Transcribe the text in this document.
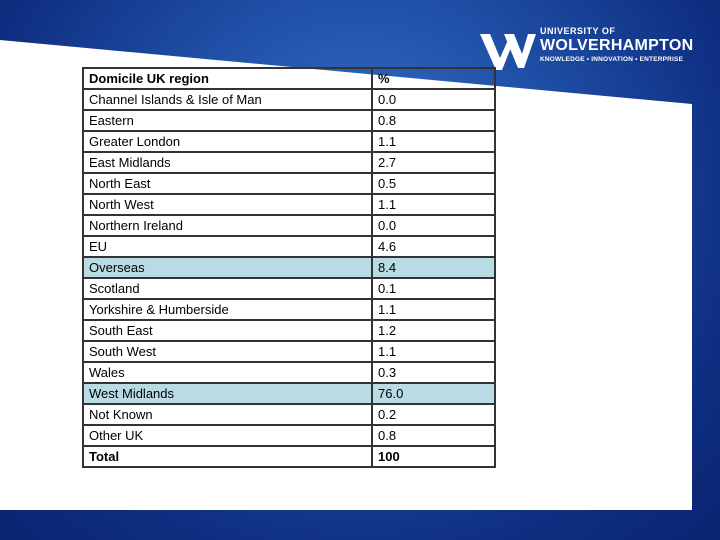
UNIVERSITY OF
WOLVERHAMPTON
KNOWLEDGE • INNOVATION • ENTERPRISE
Domicile UK region	%
Channel Islands & Isle of Man	0.0
Eastern	0.8
Greater London	1.1
East Midlands	2.7
North East	0.5
North West	1.1
Northern Ireland	0.0
EU	4.6
Overseas	8.4
Scotland	0.1
Yorkshire & Humberside	1.1
South East	1.2
South West	1.1
Wales	0.3
West Midlands	76.0
Not Known	0.2
Other UK	0.8
Total	100
